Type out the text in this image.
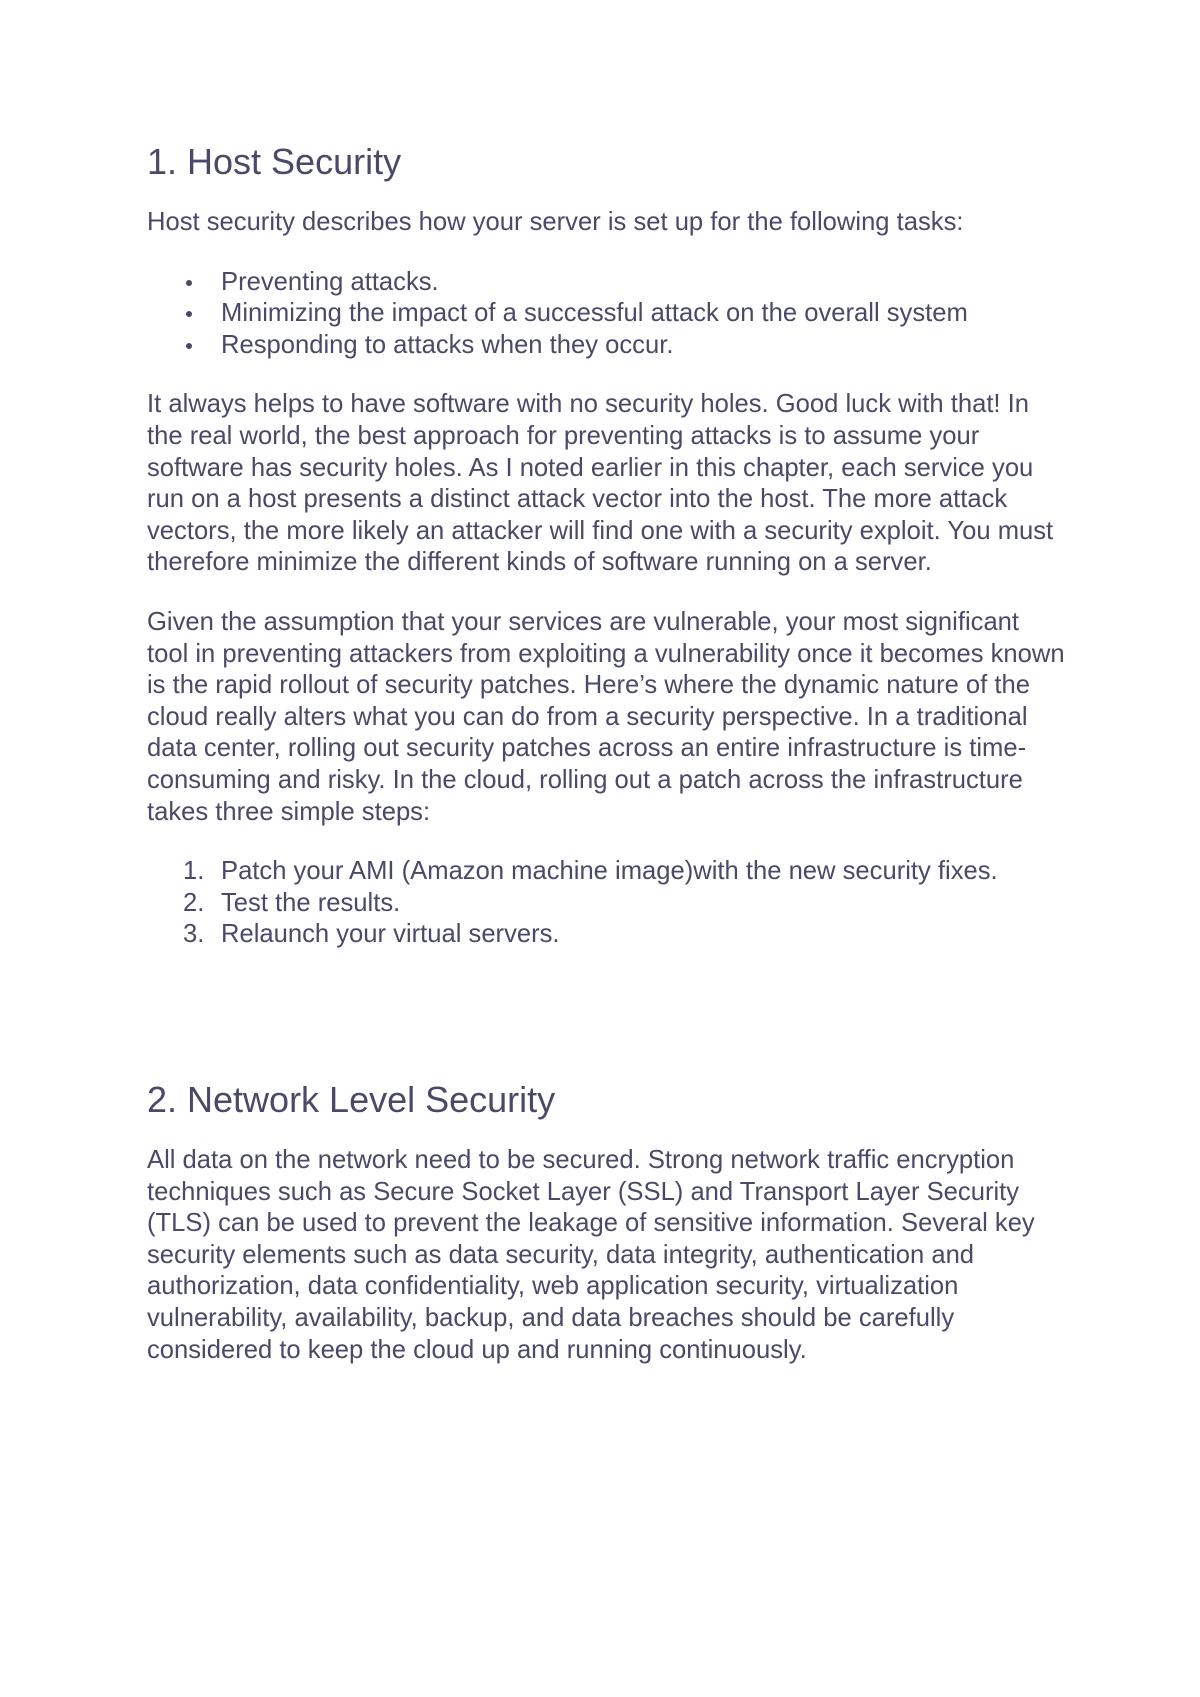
1. Host Security

Host security describes how your server is set up for the following tasks:

Preventing attacks.
Minimizing the impact of a successful attack on the overall system
Responding to attacks when they occur.

It always helps to have software with no security holes. Good luck with that! In the real world, the best approach for preventing attacks is to assume your software has security holes. As I noted earlier in this chapter, each service you run on a host presents a distinct attack vector into the host. The more attack vectors, the more likely an attacker will find one with a security exploit. You must therefore minimize the different kinds of software running on a server.

Given the assumption that your services are vulnerable, your most significant tool in preventing attackers from exploiting a vulnerability once it becomes known is the rapid rollout of security patches. Here’s where the dynamic nature of the cloud really alters what you can do from a security perspective. In a traditional data center, rolling out security patches across an entire infrastructure is time-consuming and risky. In the cloud, rolling out a patch across the infrastructure takes three simple steps:

1. Patch your AMI (Amazon machine image)with the new security fixes.
2. Test the results.
3. Relaunch your virtual servers.
2. Network Level Security

All data on the network need to be secured. Strong network traffic encryption techniques such as Secure Socket Layer (SSL) and Transport Layer Security (TLS) can be used to prevent the leakage of sensitive information. Several key security elements such as data security, data integrity, authentication and authorization, data confidentiality, web application security, virtualization vulnerability, availability, backup, and data breaches should be carefully considered to keep the cloud up and running continuously.
